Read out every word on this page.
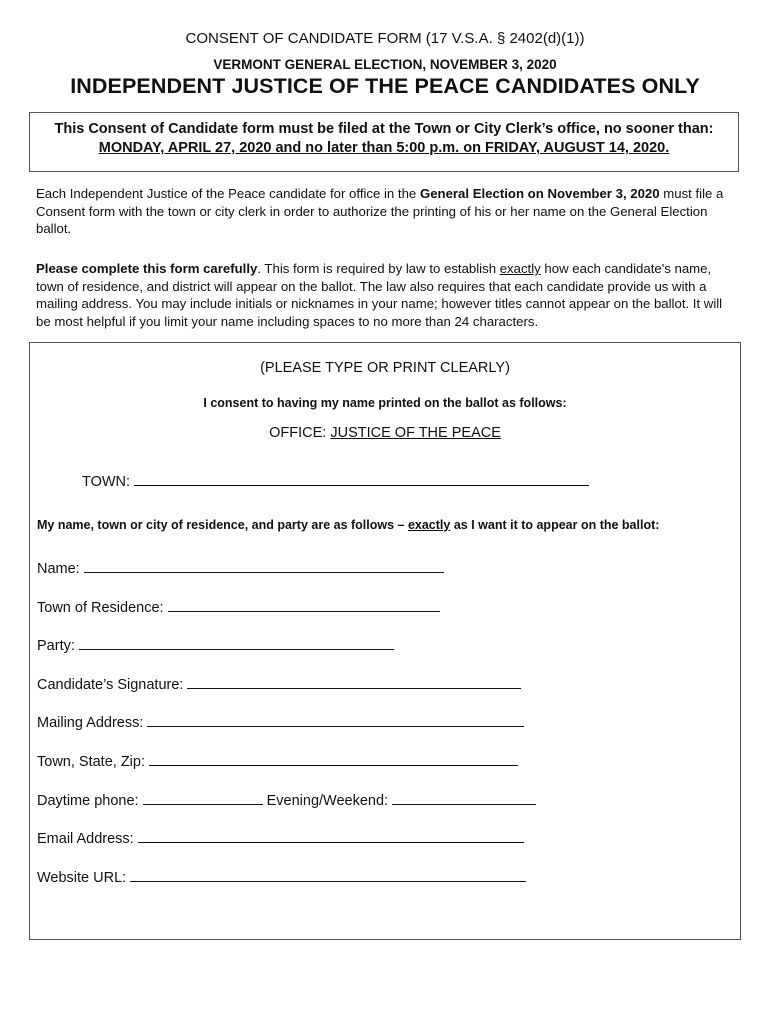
CONSENT OF CANDIDATE FORM (17 V.S.A. § 2402(d)(1))
VERMONT GENERAL ELECTION, NOVEMBER 3, 2020
INDEPENDENT JUSTICE OF THE PEACE CANDIDATES ONLY
This Consent of Candidate form must be filed at the Town or City Clerk’s office, no sooner than:
MONDAY, APRIL 27, 2020 and no later than 5:00 p.m. on FRIDAY, AUGUST 14, 2020.
Each Independent Justice of the Peace candidate for office in the General Election on November 3, 2020 must file a Consent form with the town or city clerk in order to authorize the printing of his or her name on the General Election ballot.
Please complete this form carefully. This form is required by law to establish exactly how each candidate's name, town of residence, and district will appear on the ballot. The law also requires that each candidate provide us with a mailing address. You may include initials or nicknames in your name; however titles cannot appear on the ballot. It will be most helpful if you limit your name including spaces to no more than 24 characters.
(PLEASE TYPE OR PRINT CLEARLY)
I consent to having my name printed on the ballot as follows:
OFFICE: JUSTICE OF THE PEACE
TOWN:
My name, town or city of residence, and party are as follows – exactly as I want it to appear on the ballot:
Name:
Town of Residence:
Party:
Candidate’s Signature:
Mailing Address:
Town, State, Zip:
Daytime phone:	Evening/Weekend:
Email Address:
Website URL:
